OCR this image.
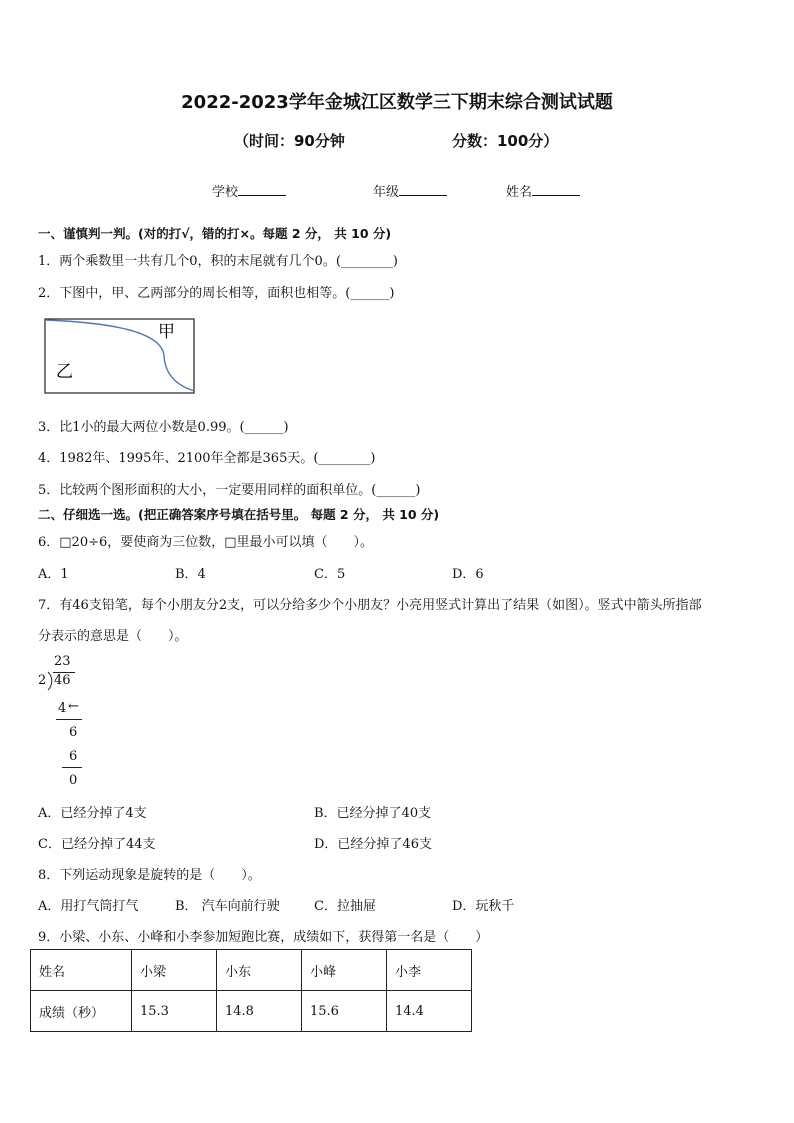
2022-2023学年金城江区数学三下期末综合测试试题
（时间：90分钟	分数：100分）
学校	年级	姓名
一、谨慎判一判。(对的打√，错的打×。每题 2 分， 共 10 分)
1．两个乘数里一共有几个0，积的末尾就有几个0。(________)
2．下图中，甲、乙两部分的周长相等，面积也相等。(______)
甲
乙
3．比1小的最大两位小数是0.99。(______)
4．1982年、1995年、2100年全都是365天。(________)
5．比较两个图形面积的大小，一定要用同样的面积单位。(______)
二、仔细选一选。(把正确答案序号填在括号里。 每题 2 分， 共 10 分)
6．□20÷6，要使商为三位数，□里最小可以填（　　）。
A．1	B．4	C．5	D．6
7．有46支铅笔，每个小朋友分2支，可以分给多少个小朋友？小亮用竖式计算出了结果（如图）。竖式中箭头所指部
分表示的意思是（　　）。
23
2 46
4 ←
6
6
0
A．已经分掉了4支	B．已经分掉了40支
C．已经分掉了44支	D．已经分掉了46支
8．下列运动现象是旋转的是（　　）。
A．用打气筒打气	B． 汽车向前行驶	C．拉抽屉	D．玩秋千
9．小梁、小东、小峰和小李参加短跑比赛，成绩如下，获得第一名是（　　）
姓名	小梁	小东	小峰	小李
成绩（秒）	15.3	14.8	15.6	14.4
